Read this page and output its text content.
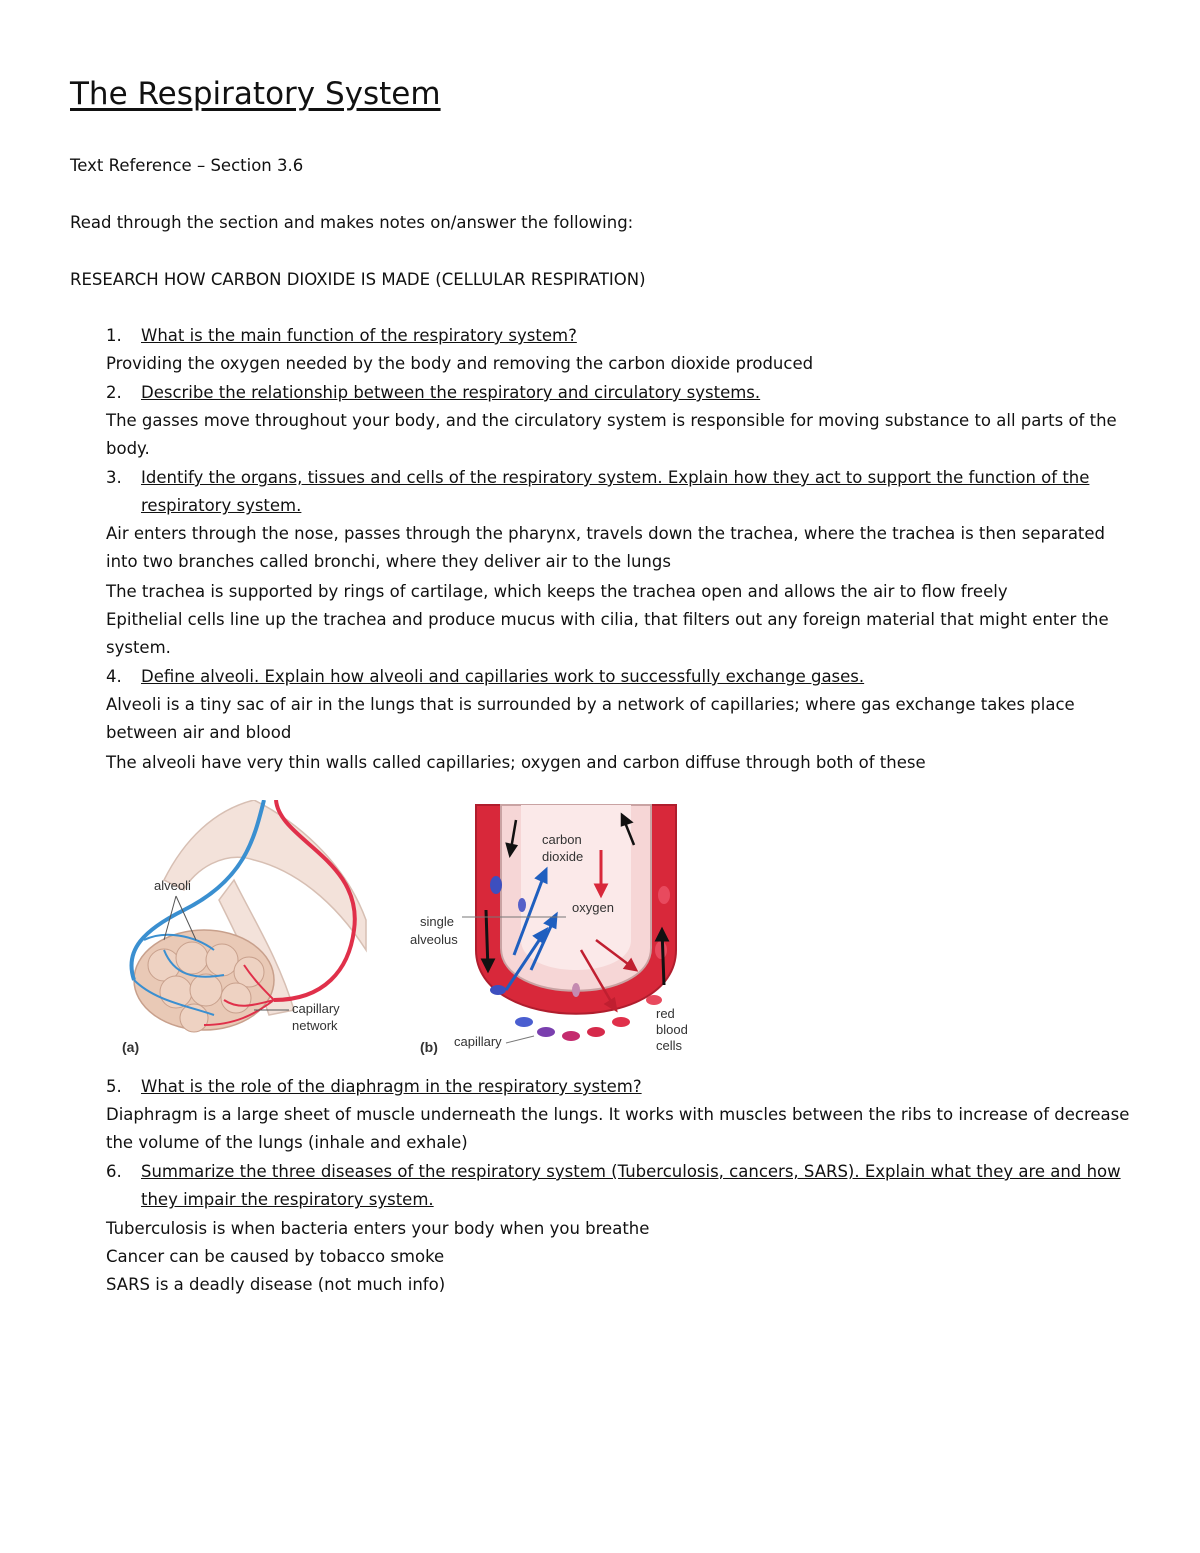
The Respiratory System

Text Reference – Section 3.6

Read through the section and makes notes on/answer the following:

RESEARCH HOW CARBON DIOXIDE IS MADE (CELLULAR RESPIRATION)

1. What is the main function of the respiratory system?

Providing the oxygen needed by the body and removing the carbon dioxide produced

2. Describe the relationship between the respiratory and circulatory systems.

The gasses move throughout your body, and the circulatory system is responsible for moving substance to all parts of the body.

3. Identify the organs, tissues and cells of the respiratory system. Explain how they act to support the function of the respiratory system.

Air enters through the nose, passes through the pharynx, travels down the trachea, where the trachea is then separated into two branches called bronchi, where they deliver air to the lungs

The trachea is supported by rings of cartilage, which keeps the trachea open and allows the air to flow freely

Epithelial cells line up the trachea and produce mucus with cilia, that filters out any foreign material that might enter the system.

4. Define alveoli. Explain how alveoli and capillaries work to successfully exchange gases.

Alveoli is a tiny sac of air in the lungs that is surrounded by a network of capillaries; where gas exchange takes place between air and blood

The alveoli have very thin walls called capillaries; oxygen and carbon diffuse through both of these

alveoli
capillary
network
(a)
carbon
dioxide
oxygen
single
alveolus
capillary
red
blood
cells
(b)
5. What is the role of the diaphragm in the respiratory system?

Diaphragm is a large sheet of muscle underneath the lungs. It works with muscles between the ribs to increase of decrease the volume of the lungs (inhale and exhale)

6. Summarize the three diseases of the respiratory system (Tuberculosis, cancers, SARS). Explain what they are and how they impair the respiratory system.

Tuberculosis is when bacteria enters your body when you breathe

Cancer can be caused by tobacco smoke

SARS is a deadly disease (not much info)
